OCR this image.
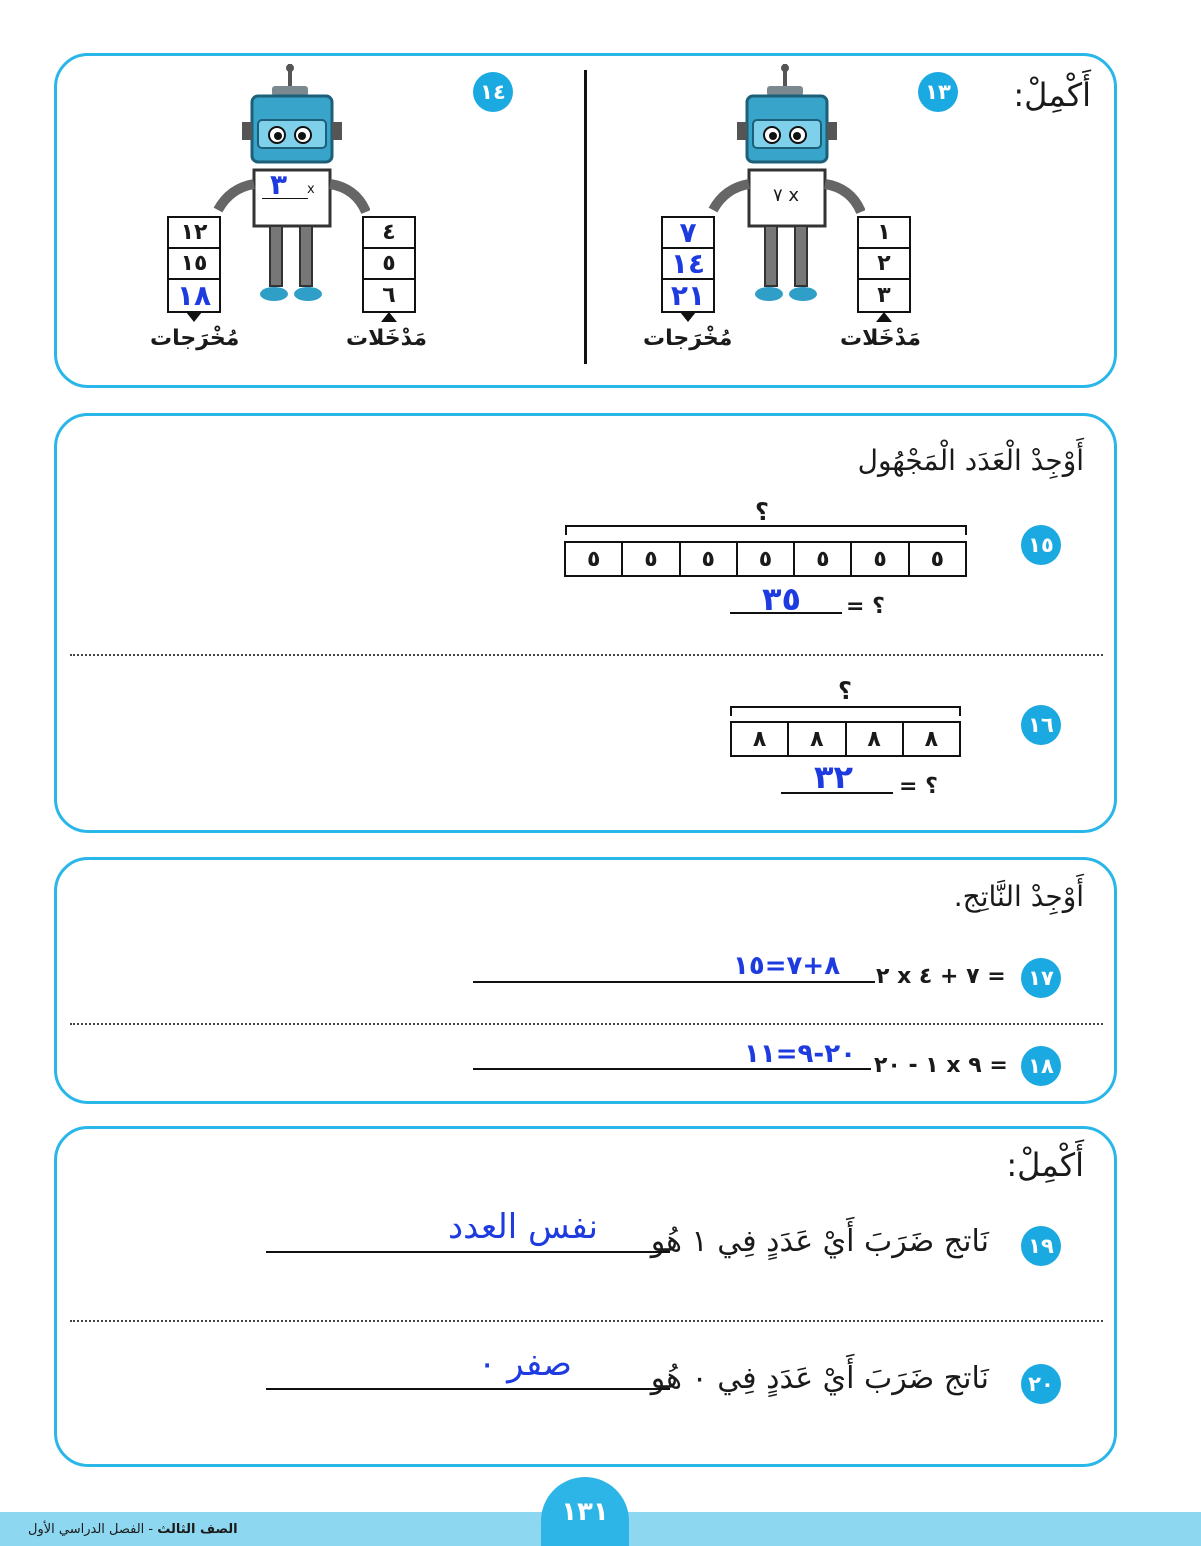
أَكْمِلْ:
١٣
٧ x
٧
١٤
٢١
١
٢
٣
مُخْرَجات	مَدْخَلات
١٤
٣ x
١٢
١٥
١٨
٤
٥
٦
مُخْرَجات	مَدْخَلات
أَوْجِدْ الْعَدَد الْمَجْهُول
١٥
؟
٥
٥
٥
٥
٥
٥
٥
؟ =
٣٥
١٦
؟
٨
٨
٨
٨
؟ =
٣٢
أَوْجِدْ النَّاتِج.
١٧
٢ x ٤ + ٧ =
٨+٧=١٥
١٨
٢٠ - ١ x ٩ =
٢٠-٩=١١
أَكْمِلْ:
١٩
نَاتج ضَرَبَ أَيْ عَدَدٍ فِي ١ هُو
نفس العدد
٢٠
نَاتج ضَرَبَ أَيْ عَدَدٍ فِي ٠ هُو
صفر ٠
١٣١
الصف الثالث - الفصل الدراسي الأول
